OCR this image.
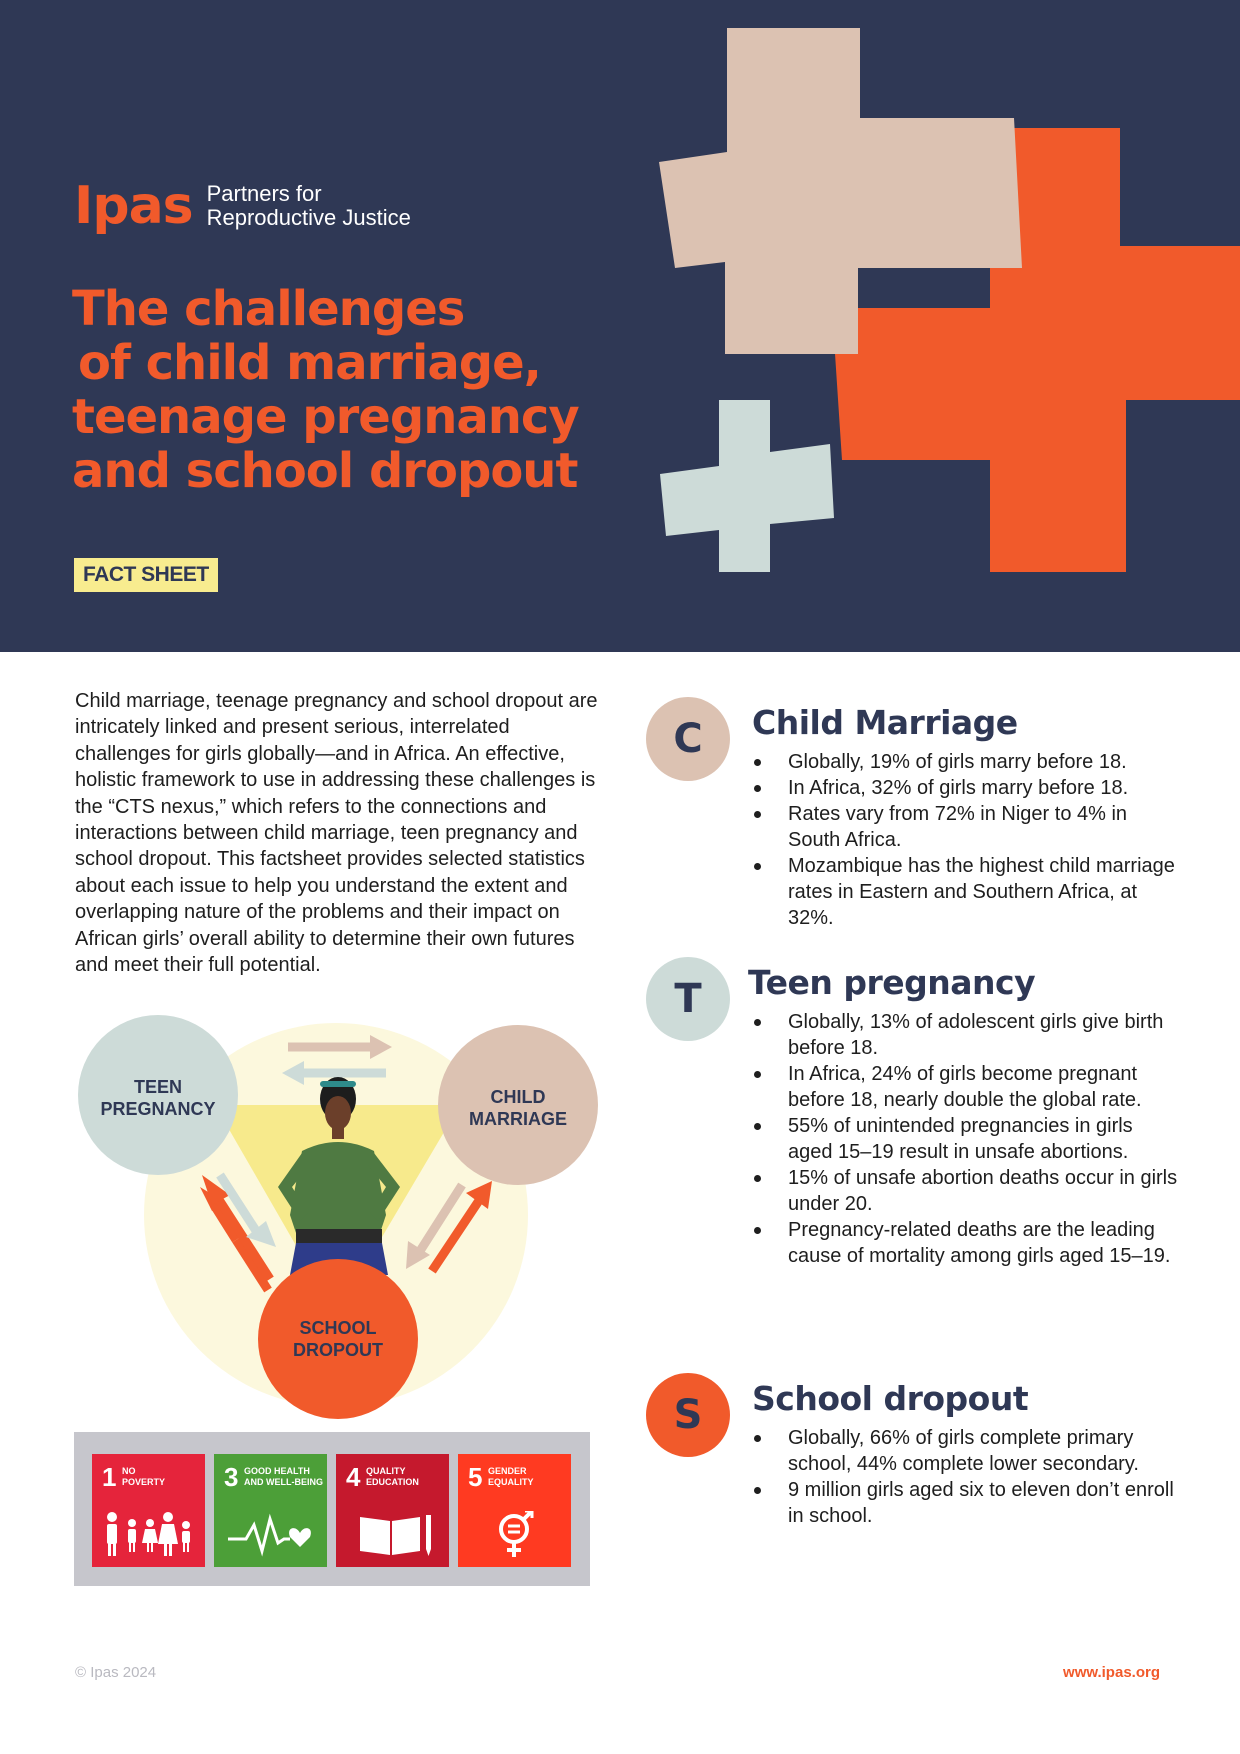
Ipas Partners for
Reproductive Justice
The challenges
of child marriage,
teenage pregnancy
and school dropout
FACT SHEET

Child marriage, teenage pregnancy and school dropout are intricately linked and present serious, interrelated challenges for girls globally—and in Africa. An effective, holistic framework to use in addressing these challenges is the “CTS nexus,” which refers to the connections and interactions between child marriage, teen pregnancy and school dropout. This factsheet provides selected statistics about each issue to help you understand the extent and overlapping nature of the problems and their impact on African girls’ overall ability to determine their own futures and meet their full potential.

TEEN
PREGNANCY
CHILD
MARRIAGE
SCHOOL
DROPOUT
1 NO
POVERTY 3 GOOD HEALTH
AND WELL-BEING 4 QUALITY
EDUCATION 5 GENDER
EQUALITY
C	Child Marriage
Globally, 19% of girls marry before 18.
In Africa, 32% of girls marry before 18.
Rates vary from 72% in Niger to 4% in South Africa.
Mozambique has the highest child marriage rates in Eastern and Southern Africa, at 32%.
T	Teen pregnancy
Globally, 13% of adolescent girls give birth before 18.
In Africa, 24% of girls become pregnant before 18, nearly double the global rate.
55% of unintended pregnancies in girls aged 15–19 result in unsafe abortions.
15% of unsafe abortion deaths occur in girls under 20.
Pregnancy-related deaths are the leading cause of mortality among girls aged 15–19.
S	School dropout
Globally, 66% of girls complete primary school, 44% complete lower secondary.
9 million girls aged six to eleven don’t enroll in school.
© Ipas 2024	www.ipas.org
